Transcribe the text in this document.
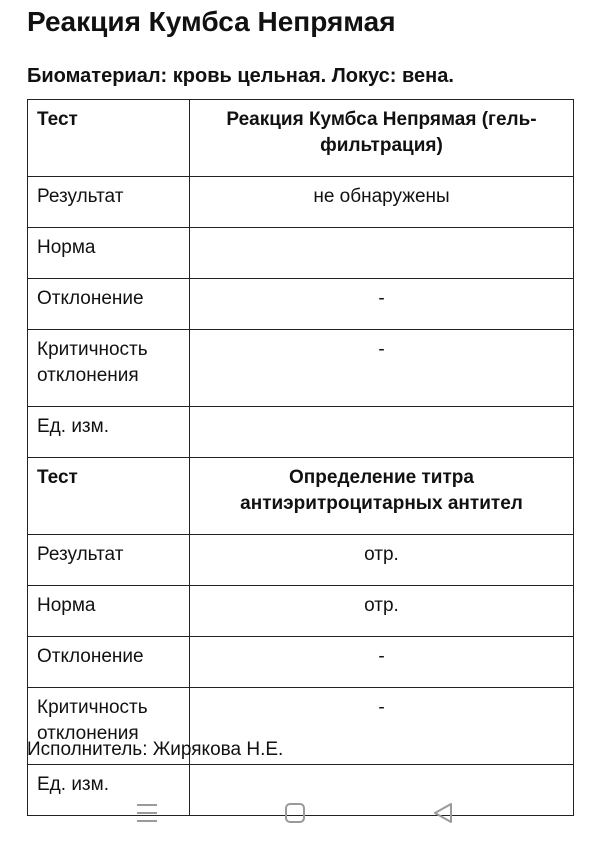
Реакция Кумбса Непрямая
Биоматериал: кровь цельная. Локус: вена.
Тест	Реакция Кумбса Непрямая (гель-фильтрация)
Результат	не обнаружены
Норма	
Отклонение	-
Критичность отклонения	-
Ед. изм.	
Тест	Определение титра антиэритроцитарных антител
Результат	отр.
Норма	отр.
Отклонение	-
Критичность отклонения	-
Ед. изм.	
Исполнитель: Жирякова Н.Е.
